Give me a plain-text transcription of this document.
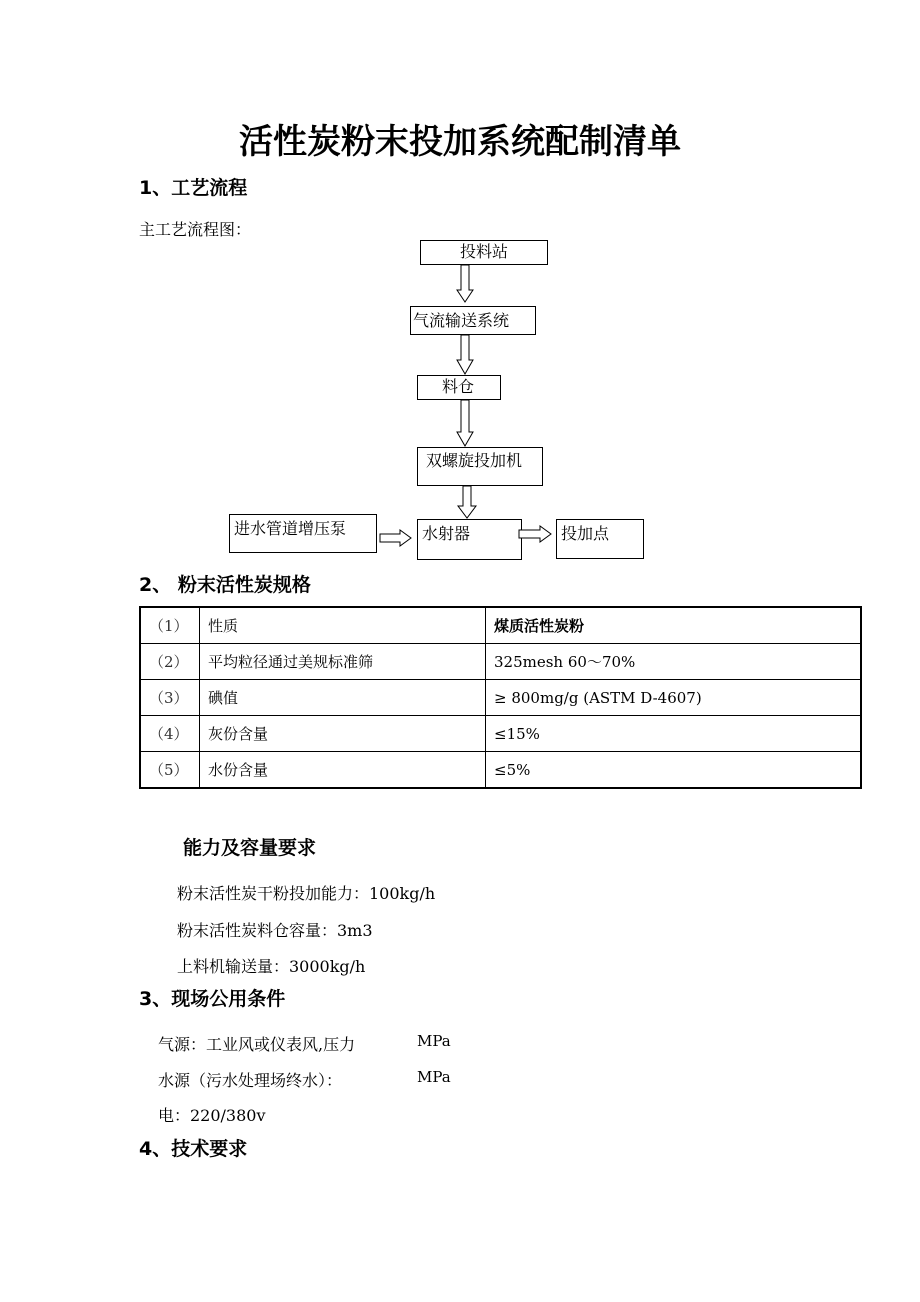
活性炭粉末投加系统配制清单
1、工艺流程
主工艺流程图：
投料站
气流输送系统
料仓
双螺旋投加机
进水管道增压泵	水射器	投加点
2、 粉末活性炭规格
（1）	性质	煤质活性炭粉
（2）	平均粒径通过美规标准筛	325mesh 60～70%
（3）	碘值	≥ 800mg/g (ASTM D-4607)
（4）	灰份含量	≤15%
（5）	水份含量	≤5%
能力及容量要求
粉末活性炭干粉投加能力：100kg/h
粉末活性炭料仓容量：3m3
上料机输送量：3000kg/h
3、现场公用条件
气源：工业风或仪表风,压力	MPa
水源（污水处理场终水）：	MPa
电：220/380v
4、技术要求
